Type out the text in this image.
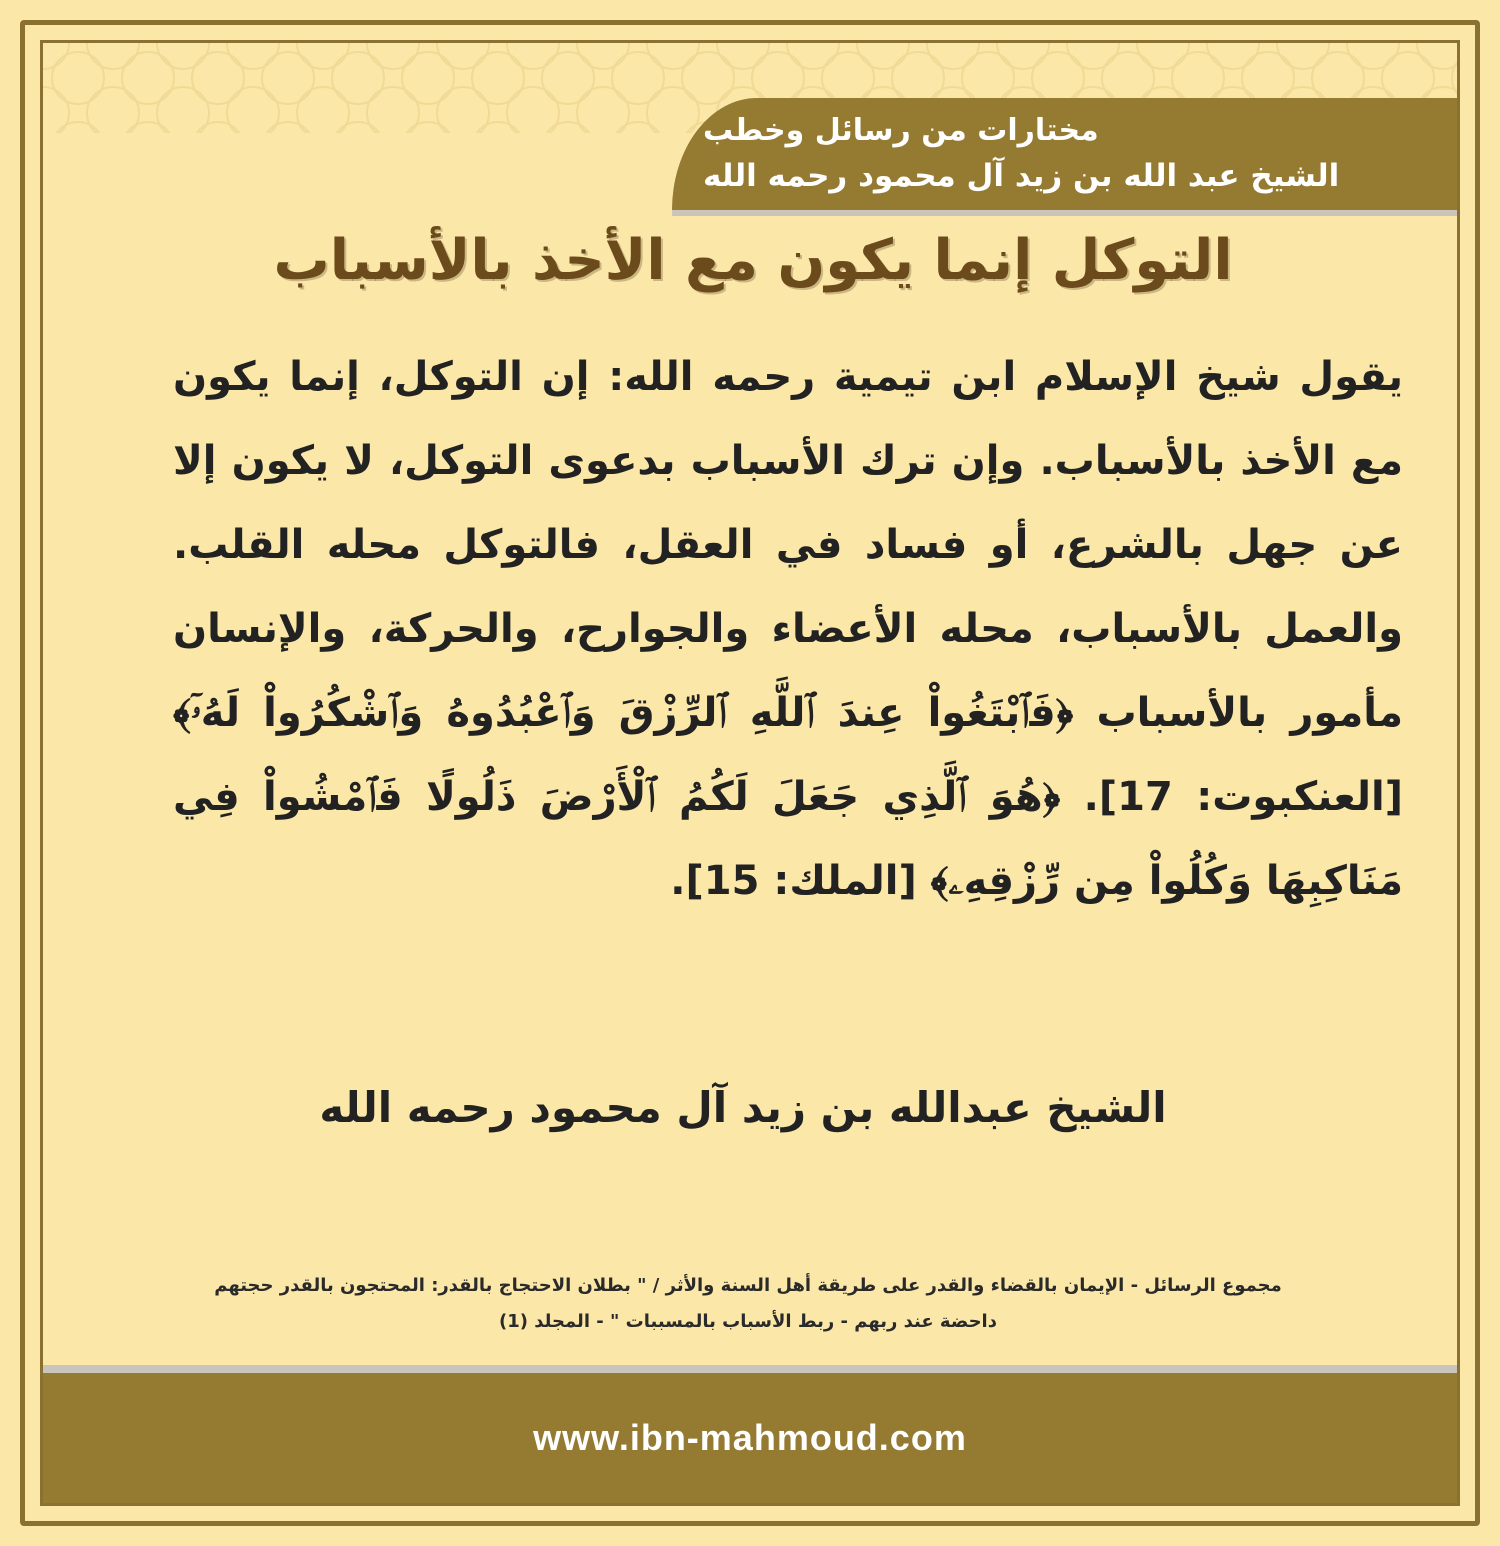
مختارات من رسائل وخطب
الشيخ عبد الله بن زيد آل محمود رحمه الله
التوكل إنما يكون مع الأخذ بالأسباب
يقول شيخ الإسلام ابن تيمية رحمه الله: إن التوكل، إنما يكون مع الأخذ بالأسباب. وإن ترك الأسباب بدعوى التوكل، لا يكون إلا عن جهل بالشرع، أو فساد في العقل، فالتوكل محله القلب. والعمل بالأسباب، محله الأعضاء والجوارح، والحركة، والإنسان مأمور بالأسباب ﴿فَٱبْتَغُواْ عِندَ ٱللَّهِ ٱلرِّزْقَ وَٱعْبُدُوهُ وَٱشْكُرُواْ لَهُۥٓ﴾ [العنكبوت: 17]. ﴿هُوَ ٱلَّذِي جَعَلَ لَكُمُ ٱلْأَرْضَ ذَلُولًا فَٱمْشُواْ فِي مَنَاكِبِهَا وَكُلُواْ مِن رِّزْقِهِۦ﴾ [الملك: 15].
الشيخ عبدالله بن زيد آل محمود رحمه الله
مجموع الرسائل - الإيمان بالقضاء والقدر على طريقة أهل السنة والأثر / " بطلان الاحتجاج بالقدر: المحتجون بالقدر حجتهم
داحضة عند ربهم - ربط الأسباب بالمسببات " - المجلد (1)
www.ibn-mahmoud.com
